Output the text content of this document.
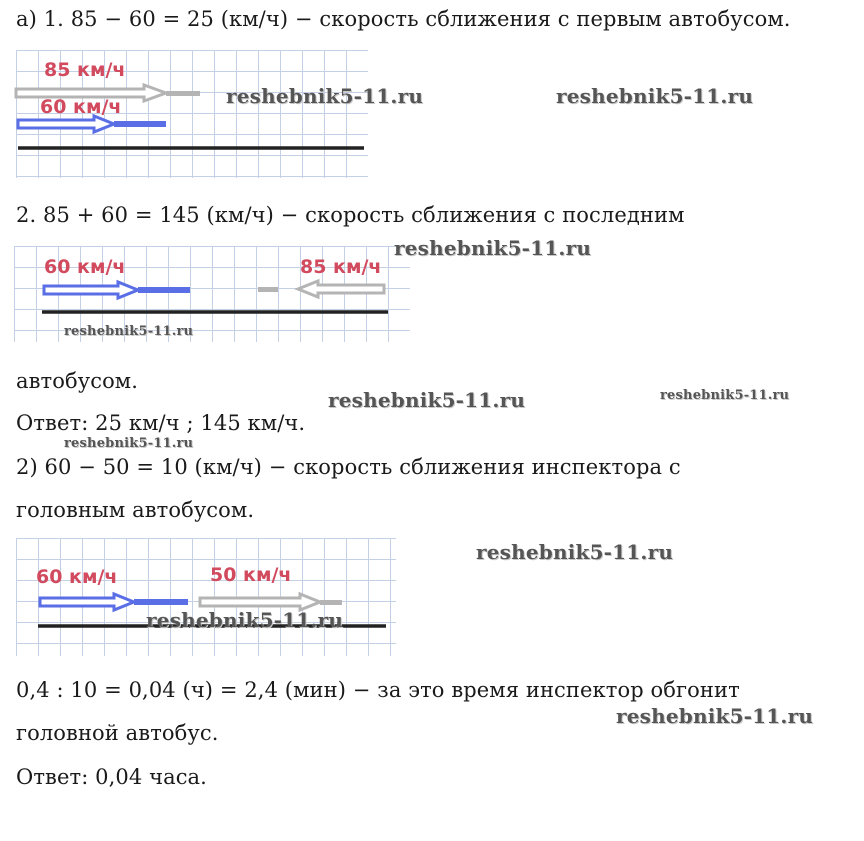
а) 1. 85 − 60 = 25 (км/ч) − скорость сближения с первым автобусом.
85 км/ч
60 км/ч
2. 85 + 60 = 145 (км/ч) − скорость сближения с последним
60 км/ч	85 км/ч
автобусом.
Ответ: 25 км/ч ; 145 км/ч.
2) 60 − 50 = 10 (км/ч) − скорость сближения инспектора с
головным автобусом.
60 км/ч	50 км/ч
0,4 : 10 = 0,04 (ч) = 2,4 (мин) − за это время инспектор обгонит
головной автобус.
Ответ: 0,04 часа.
reshebnik5-11.ru	reshebnik5-11.ru
reshebnik5-11.ru
reshebnik5-11.ru
reshebnik5-11.ru	reshebnik5-11.ru
reshebnik5-11.ru
reshebnik5-11.ru
reshebnik5-11.ru
reshebnik5-11.ru
